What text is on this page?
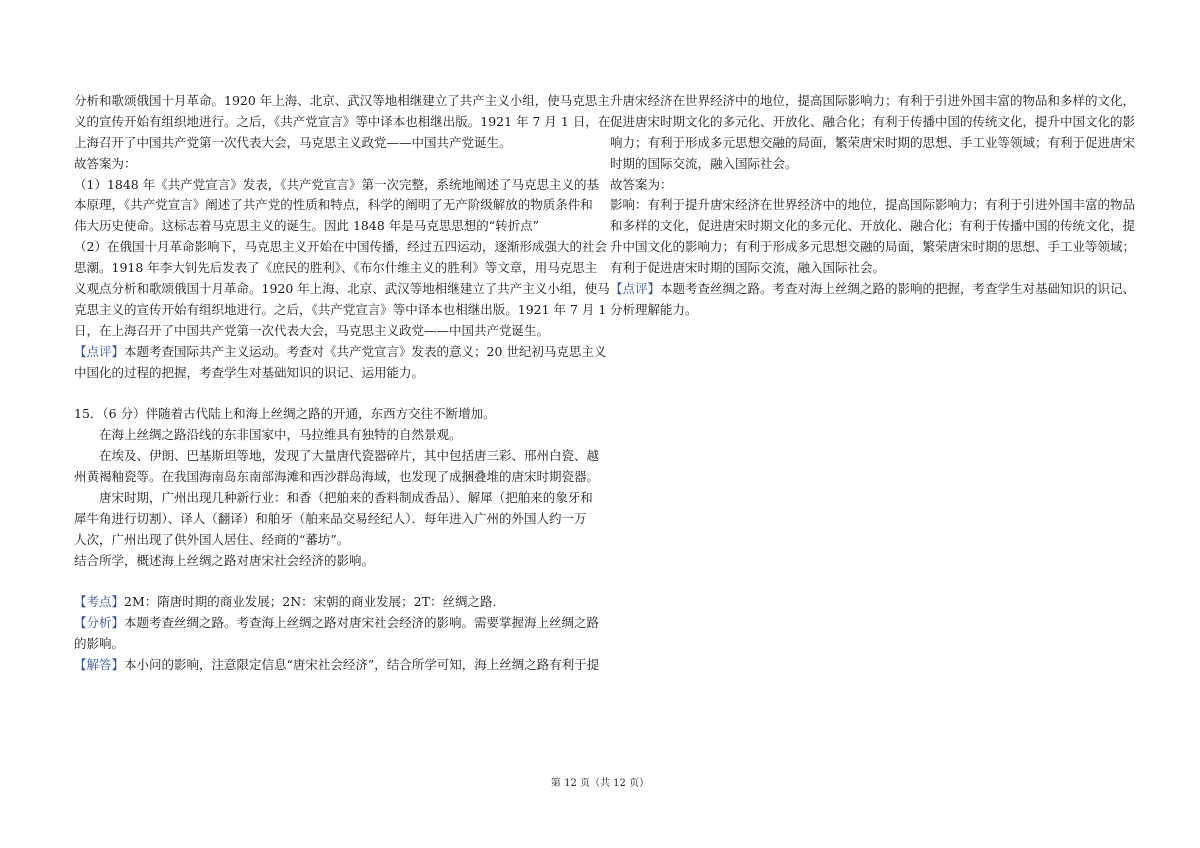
分析和歌颂俄国十月革命。1920 年上海、北京、武汉等地相继建立了共产主义小组，使马克思主
义的宣传开始有组织地进行。之后，《共产党宣言》等中译本也相继出版。1921 年 7 月 1 日，在
上海召开了中国共产党第一次代表大会，马克思主义政党——中国共产党诞生。
故答案为：
（1）1848 年《共产党宣言》发表，《共产党宣言》第一次完整，系统地阐述了马克思主义的基
本原理，《共产党宣言》阐述了共产党的性质和特点，科学的阐明了无产阶级解放的物质条件和
伟大历史使命。这标志着马克思主义的诞生。因此 1848 年是马克思思想的“转折点”
（2）在俄国十月革命影响下，马克思主义开始在中国传播，经过五四运动，逐渐形成强大的社会
思潮。1918 年李大钊先后发表了《庶民的胜利》、《布尔什维主义的胜利》等文章，用马克思主
义观点分析和歌颂俄国十月革命。1920 年上海、北京、武汉等地相继建立了共产主义小组，使马
克思主义的宣传开始有组织地进行。之后，《共产党宣言》等中译本也相继出版。1921 年 7 月 1
日，在上海召开了中国共产党第一次代表大会，马克思主义政党——中国共产党诞生。
【点评】本题考查国际共产主义运动。考查对《共产党宣言》发表的意义；20 世纪初马克思主义
中国化的过程的把握，考查学生对基础知识的识记、运用能力。
15．（6 分）伴随着古代陆上和海上丝绸之路的开通，东西方交往不断增加。
在海上丝绸之路沿线的东非国家中，马拉维具有独特的自然景观。
在埃及、伊朗、巴基斯坦等地，发现了大量唐代瓷器碎片，其中包括唐三彩、邢州白瓷、越
州黄褐釉瓷等。在我国海南岛东南部海滩和西沙群岛海域，也发现了成捆叠堆的唐宋时期瓷器。
唐宋时期，广州出现几种新行业：和香（把舶来的香料制成香品）、解犀（把舶来的象牙和
犀牛角进行切割）、译人（翻译）和舶牙（舶来品交易经纪人）．每年进入广州的外国人约一万
人次，广州出现了供外国人居住、经商的“蕃坊”。
结合所学，概述海上丝绸之路对唐宋社会经济的影响。
【考点】2M：隋唐时期的商业发展；2N：宋朝的商业发展；2T：丝绸之路.
【分析】本题考查丝绸之路。考查海上丝绸之路对唐宋社会经济的影响。需要掌握海上丝绸之路
的影响。
【解答】本小问的影响，注意限定信息“唐宋社会经济”，结合所学可知，海上丝绸之路有利于提
升唐宋经济在世界经济中的地位，提高国际影响力；有利于引进外国丰富的物品和多样的文化，
促进唐宋时期文化的多元化、开放化、融合化；有利于传播中国的传统文化，提升中国文化的影
响力；有利于形成多元思想交融的局面，繁荣唐宋时期的思想、手工业等领域；有利于促进唐宋
时期的国际交流，融入国际社会。
故答案为：
影响：有利于提升唐宋经济在世界经济中的地位，提高国际影响力；有利于引进外国丰富的物品
和多样的文化，促进唐宋时期文化的多元化、开放化、融合化；有利于传播中国的传统文化，提
升中国文化的影响力；有利于形成多元思想交融的局面，繁荣唐宋时期的思想、手工业等领域；
有利于促进唐宋时期的国际交流，融入国际社会。
【点评】本题考查丝绸之路。考查对海上丝绸之路的影响的把握，考查学生对基础知识的识记、
分析理解能力。
第 12 页（共 12 页）
